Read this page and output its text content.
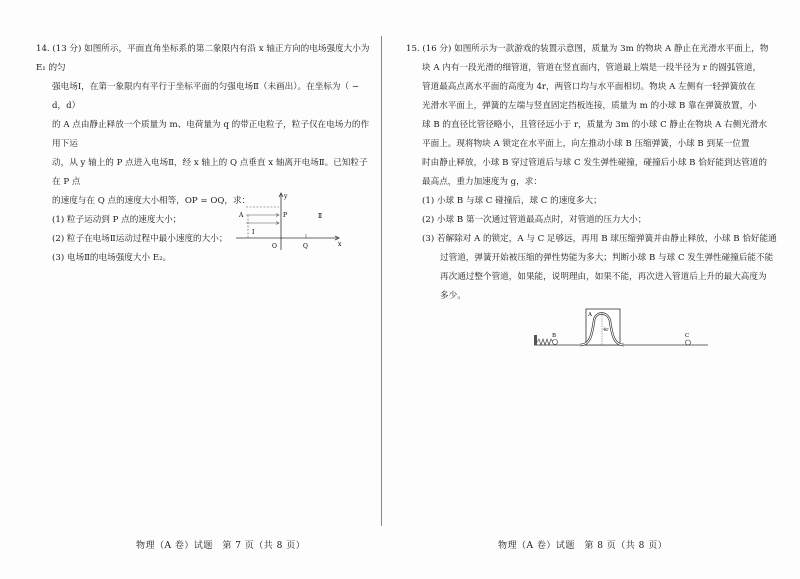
14. (13 分) 如图所示，平面直角坐标系的第二象限内有沿 x 轴正方向的电场强度大小为 E₁ 的匀

强电场Ⅰ，在第一象限内有平行于坐标平面的匀强电场Ⅱ（未画出）。在坐标为（ − d，d）

的 A 点由静止释放一个质量为 m、电荷量为 q 的带正电粒子，粒子仅在电场力的作用下运

动，从 y 轴上的 P 点进入电场Ⅱ，经 x 轴上的 Q 点垂直 x 轴离开电场Ⅱ。已知粒子在 P 点

的速度与在 Q 点的速度大小相等，OP = OQ，求：

(1) 粒子运动到 P 点的速度大小；

(2) 粒子在电场Ⅱ运动过程中最小速度的大小；

(3) 电场Ⅱ的电场强度大小 E₂。

y
x
A	P
O	Q
Ⅰ
Ⅱ

15. (16 分) 如图所示为一款游戏的装置示意图，质量为 3m 的物块 A 静止在光滑水平面上，物

块 A 内有一段光滑的细管道，管道在竖直面内，管道最上端是一段半径为 r 的圆弧管道，

管道最高点离水平面的高度为 4r，两管口均与水平面相切。物块 A 左侧有一轻弹簧放在

光滑水平面上，弹簧的左端与竖直固定挡板连接，质量为 m 的小球 B 靠在弹簧放置，小

球 B 的直径比管径略小，且管径远小于 r，质量为 3m 的小球 C 静止在物块 A 右侧光滑水

平面上。现将物块 A 锁定在水平面上，向左推动小球 B 压缩弹簧，小球 B 到某一位置

时由静止释放，小球 B 穿过管道后与球 C 发生弹性碰撞，碰撞后小球 B 恰好能到达管道的

最高点，重力加速度为 g，求：

(1) 小球 B 与球 C 碰撞后，球 C 的速度多大；

(2) 小球 B 第一次通过管道最高点时，对管道的压力大小；

(3) 若解除对 A 的锁定，A 与 C 足够远，再用 B 球压缩弹簧并由静止释放，小球 B 恰好能通

过管道，弹簧开始被压缩的弹性势能为多大；判断小球 B 与球 C 发生弹性碰撞后能不能

再次通过整个管道，如果能，说明理由，如果不能，再次进入管道后上升的最大高度为

多少。

B
A
4r
C
物理（A 卷）试题　第 7 页（共 8 页）	物理（A 卷）试题　第 8 页（共 8 页）
